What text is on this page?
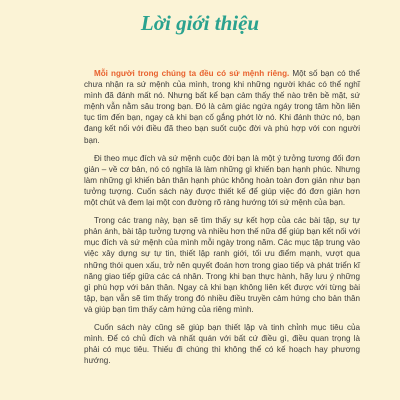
Lời giới thiệu

Mỗi người trong chúng ta đều có sứ mệnh riêng. Một số bạn có thể chưa nhận ra sứ mệnh của mình, trong khi những người khác có thể nghĩ mình đã đánh mất nó. Nhưng bất kể bạn cảm thấy thế nào trên bề mặt, sứ mệnh vẫn nằm sâu trong bạn. Đó là cảm giác ngứa ngáy trong tâm hồn liên tục tìm đến bạn, ngay cả khi bạn cố gắng phớt lờ nó. Khi đánh thức nó, bạn đang kết nối với điều đã theo bạn suốt cuộc đời và phù hợp với con người bạn.

Đi theo mục đích và sứ mệnh cuộc đời bạn là một ý tưởng tương đối đơn giản – về cơ bản, nó có nghĩa là làm những gì khiến bạn hạnh phúc. Nhưng làm những gì khiến bản thân hạnh phúc không hoàn toàn đơn giản như bạn tưởng tượng. Cuốn sách này được thiết kế để giúp việc đó đơn giản hơn một chút và đem lại một con đường rõ ràng hướng tới sứ mệnh của bạn.

Trong các trang này, bạn sẽ tìm thấy sự kết hợp của các bài tập, sự tự phản ánh, bài tập tưởng tượng và nhiều hơn thế nữa để giúp bạn kết nối với mục đích và sứ mệnh của mình mỗi ngày trong năm. Các mục tập trung vào việc xây dựng sự tự tin, thiết lập ranh giới, tối ưu điểm mạnh, vượt qua những thói quen xấu, trở nên quyết đoán hơn trong giao tiếp và phát triển kĩ năng giao tiếp giữa các cá nhân. Trong khi bạn thực hành, hãy lưu ý những gì phù hợp với bản thân. Ngay cả khi bạn không liên kết được với từng bài tập, bạn vẫn sẽ tìm thấy trong đó nhiều điều truyền cảm hứng cho bản thân và giúp bạn tìm thấy cảm hứng của riêng mình.

Cuốn sách này cũng sẽ giúp bạn thiết lập và tinh chỉnh mục tiêu của mình. Để có chủ đích và nhất quán với bất cứ điều gì, điều quan trọng là phải có mục tiêu. Thiếu đi chúng thì không thể có kế hoạch hay phương hướng.
